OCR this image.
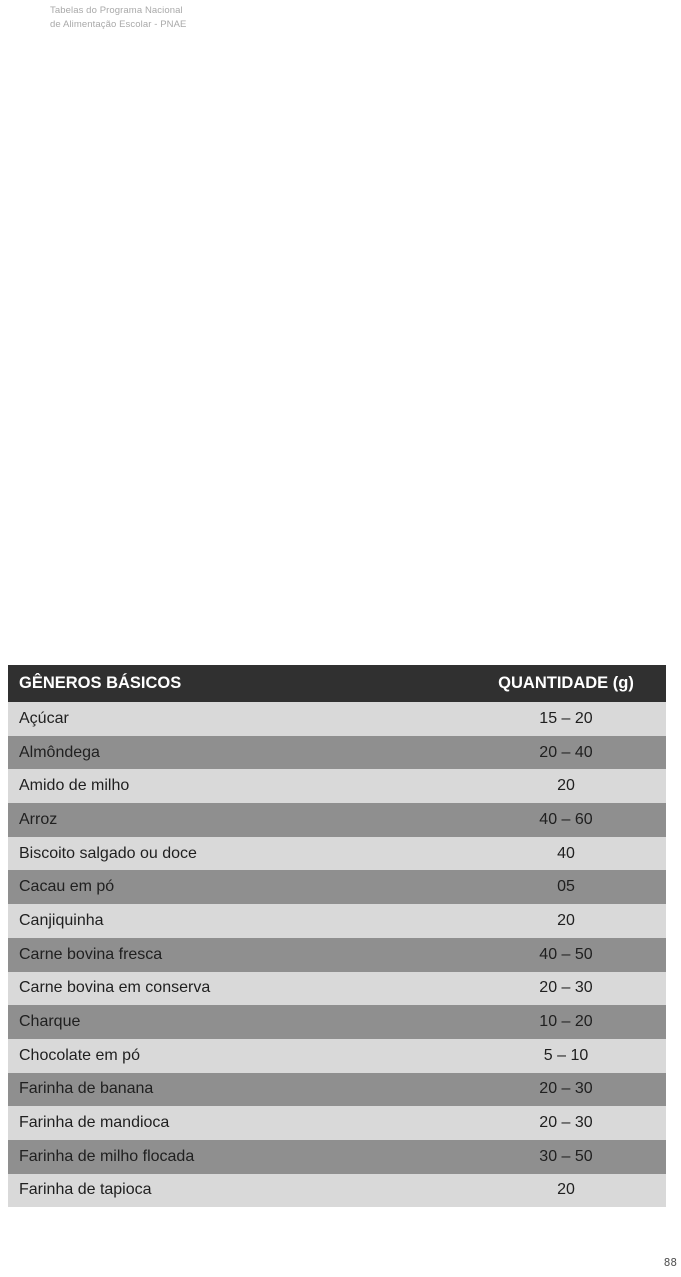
Tabelas do Programa Nacional
de Alimentação Escolar - PNAE
GÊNEROS BÁSICOS	QUANTIDADE (g)
Açúcar	15 – 20
Almôndega	20 – 40
Amido de milho	20
Arroz	40 – 60
Biscoito salgado ou doce	40
Cacau em pó	05
Canjiquinha	20
Carne bovina fresca	40 – 50
Carne bovina em conserva	20 – 30
Charque	10 – 20
Chocolate em pó	5 – 10
Farinha de banana	20 – 30
Farinha de mandioca	20 – 30
Farinha de milho flocada	30 – 50
Farinha de tapioca	20
88
